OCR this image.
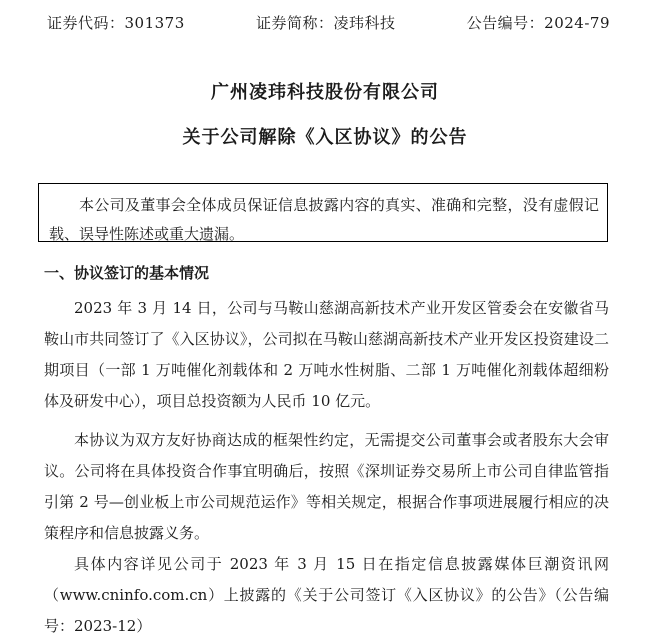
证券代码：301373	证券简称：凌玮科技	公告编号：2024-79
广州凌玮科技股份有限公司
关于公司解除《入区协议》的公告
本公司及董事会全体成员保证信息披露内容的真实、准确和完整，没有虚假记载、误导性陈述或重大遗漏。
一、协议签订的基本情况

2023 年 3 月 14 日，公司与马鞍山慈湖高新技术产业开发区管委会在安徽省马鞍山市共同签订了《入区协议》，公司拟在马鞍山慈湖高新技术产业开发区投资建设二期项目（一部 1 万吨催化剂载体和 2 万吨水性树脂、二部 1 万吨催化剂载体超细粉体及研发中心），项目总投资额为人民币 10 亿元。

本协议为双方友好协商达成的框架性约定，无需提交公司董事会或者股东大会审议。公司将在具体投资合作事宜明确后，按照《深圳证券交易所上市公司自律监管指引第 2 号—创业板上市公司规范运作》等相关规定，根据合作事项进展履行相应的决策程序和信息披露义务。

具体内容详见公司于 2023 年 3 月 15 日在指定信息披露媒体巨潮资讯网（www.cninfo.com.cn）上披露的《关于公司签订《入区协议》的公告》（公告编号：2023-12）
